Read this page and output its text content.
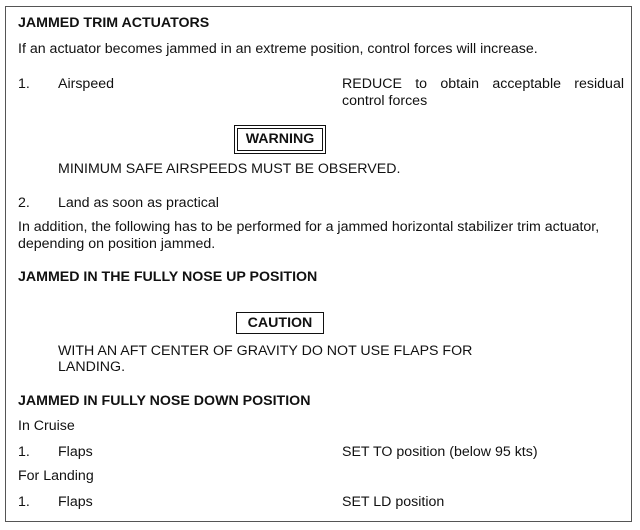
JAMMED TRIM ACTUATORS
If an actuator becomes jammed in an extreme position, control forces will increase.
1. Airspeed	REDUCE to obtain acceptable residual
control forces
WARNING
MINIMUM SAFE AIRSPEEDS MUST BE OBSERVED.
2. Land as soon as practical
In addition, the following has to be performed for a jammed horizontal stabilizer trim actuator,
depending on position jammed.
JAMMED IN THE FULLY NOSE UP POSITION
CAUTION
WITH AN AFT CENTER OF GRAVITY DO NOT USE FLAPS FOR
LANDING.
JAMMED IN FULLY NOSE DOWN POSITION
In Cruise
1. Flaps	SET TO position (below 95 kts)
For Landing
1. Flaps	SET LD position
